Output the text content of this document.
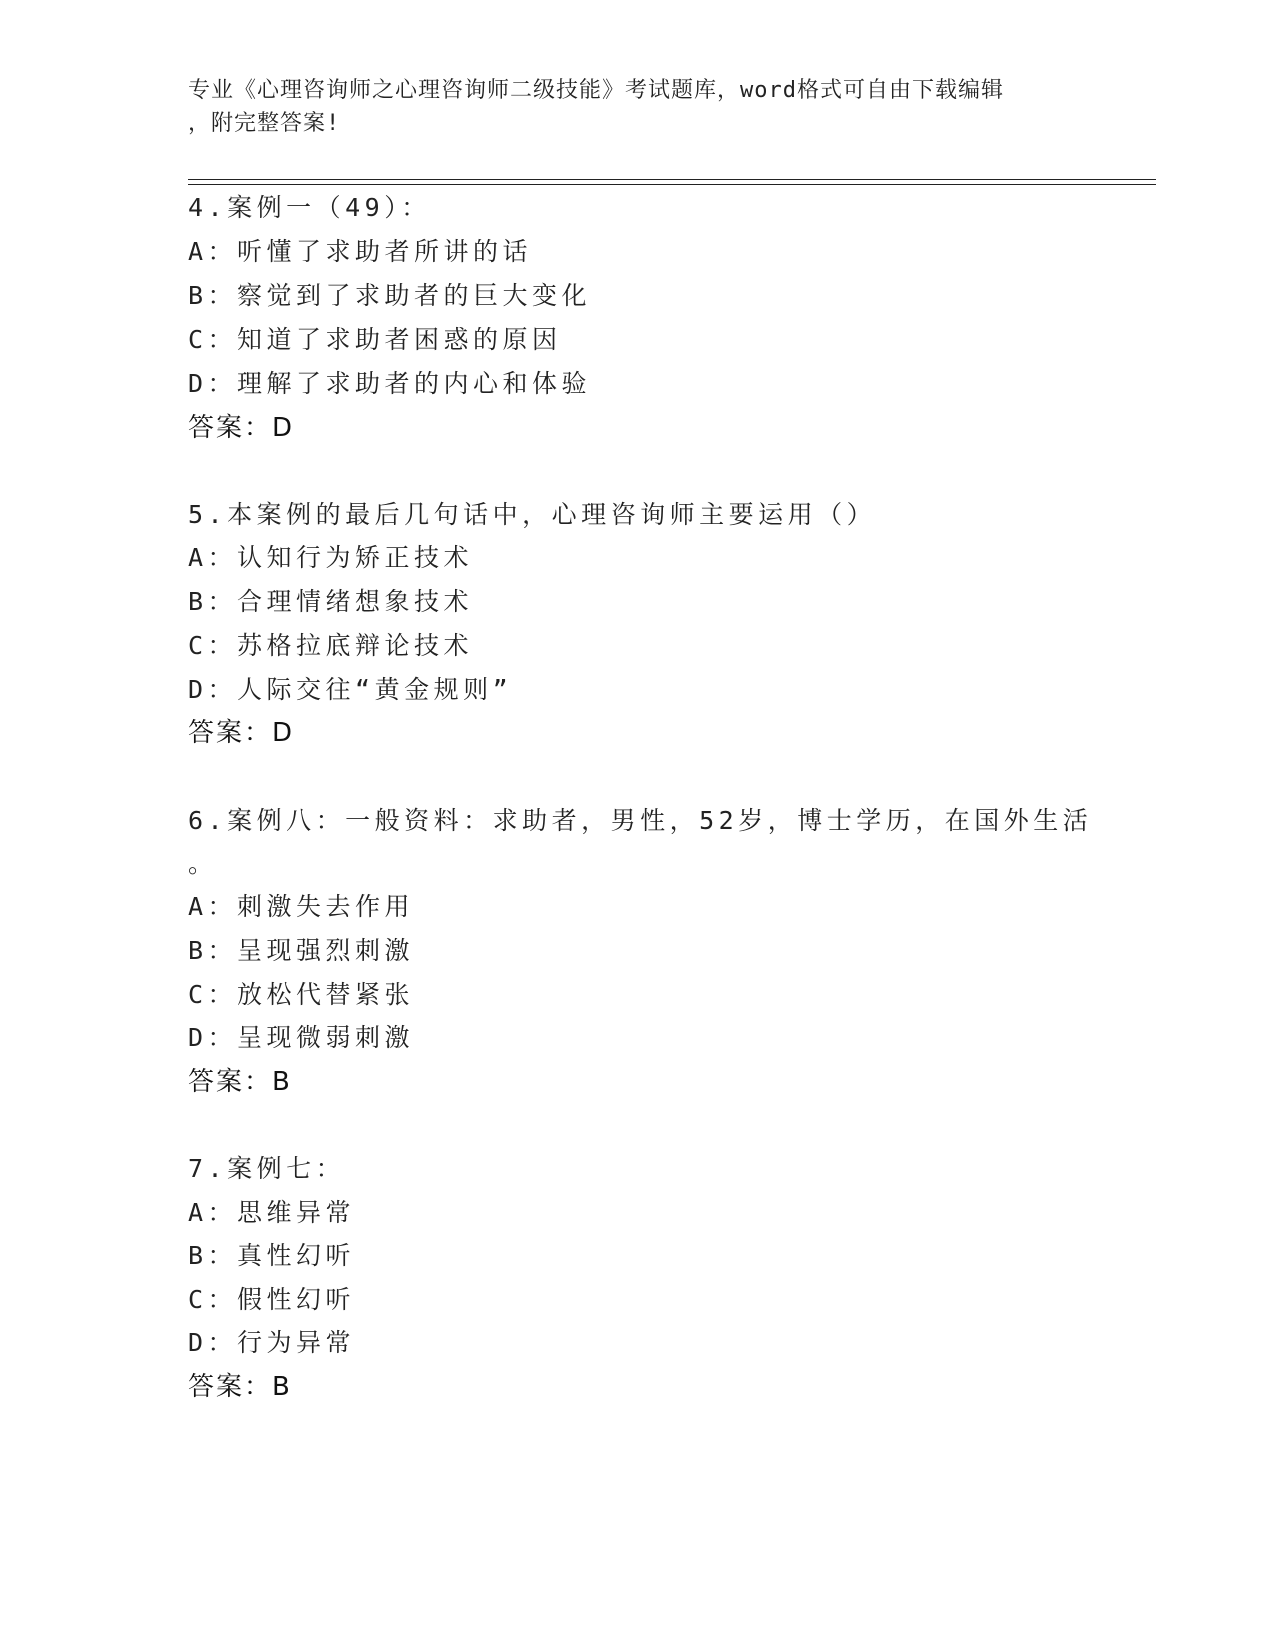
专业《心理咨询师之心理咨询师二级技能》考试题库，word格式可自由下载编辑
，附完整答案!
4.案例一（49）：
A：听懂了求助者所讲的话
B：察觉到了求助者的巨大变化
C：知道了求助者困惑的原因
D：理解了求助者的内心和体验
答案：D
5.本案例的最后几句话中，心理咨询师主要运用（）
A：认知行为矫正技术
B：合理情绪想象技术
C：苏格拉底辩论技术
D：人际交往“黄金规则”
答案：D
6.案例八：一般资料：求助者，男性，52岁，博士学历，在国外生活
。
A：刺激失去作用
B：呈现强烈刺激
C：放松代替紧张
D：呈现微弱刺激
答案：B
7.案例七：
A：思维异常
B：真性幻听
C：假性幻听
D：行为异常
答案：B
